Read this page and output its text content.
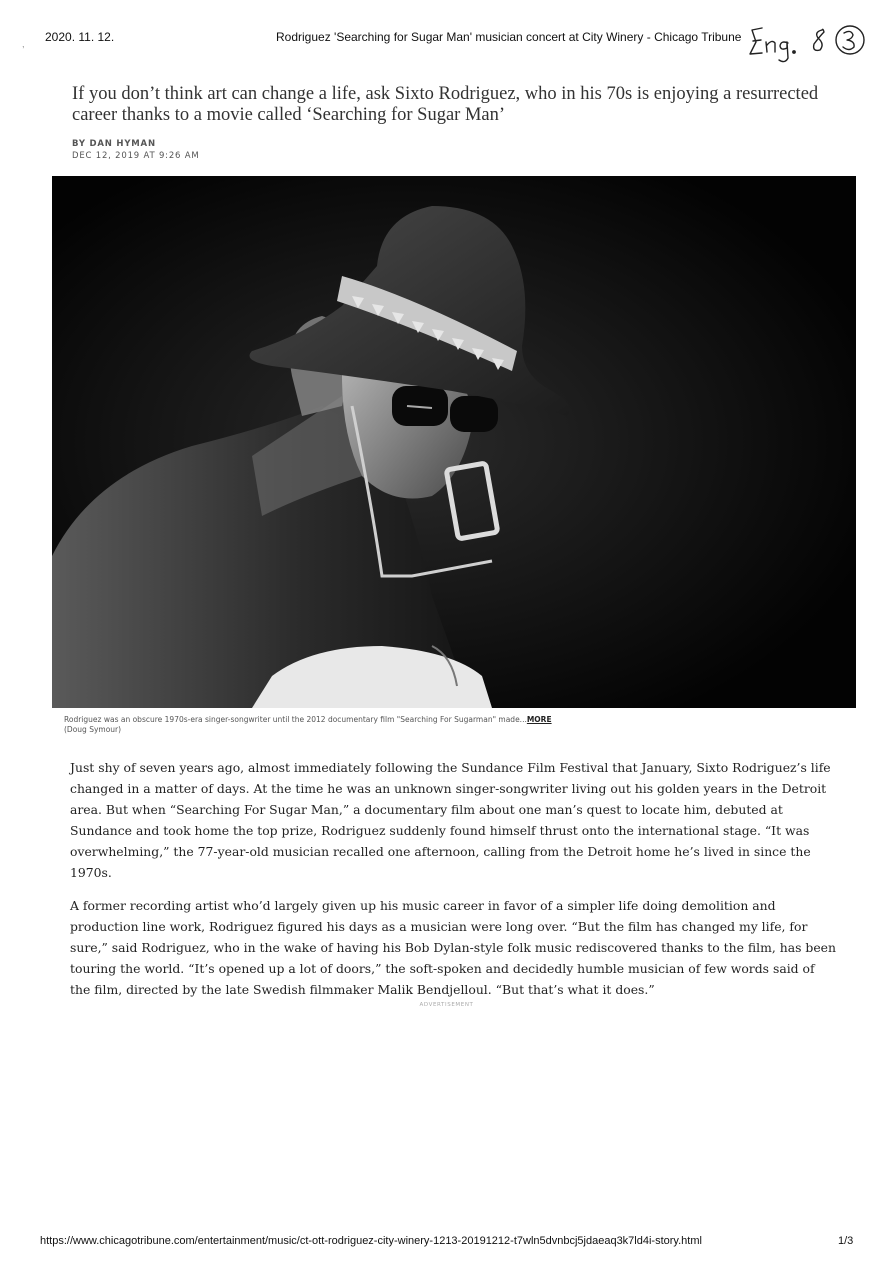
2020. 11. 12.	Rodriguez 'Searching for Sugar Man' musician concert at City Winery - Chicago Tribune
,
If you don’t think art can change a life, ask Sixto Rodriguez, who in his 70s is enjoying a resurrected career thanks to a movie called ‘Searching for Sugar Man’
BY DAN HYMAN
DEC 12, 2019 AT 9:26 AM
Rodriguez was an obscure 1970s-era singer-songwriter until the 2012 documentary film "Searching For Sugarman" made...MORE
(Doug Symour)

Just shy of seven years ago, almost immediately following the Sundance Film Festival that January, Sixto Rodriguez’s life changed in a matter of days. At the time he was an unknown singer-songwriter living out his golden years in the Detroit area. But when “Searching For Sugar Man,” a documentary film about one man’s quest to locate him, debuted at Sundance and took home the top prize, Rodriguez suddenly found himself thrust onto the international stage. “It was overwhelming,” the 77-year-old musician recalled one afternoon, calling from the Detroit home he’s lived in since the 1970s.

A former recording artist who’d largely given up his music career in favor of a simpler life doing demolition and production line work, Rodriguez figured his days as a musician were long over. “But the film has changed my life, for sure,” said Rodriguez, who in the wake of having his Bob Dylan-style folk music rediscovered thanks to the film, has been touring the world. “It’s opened up a lot of doors,” the soft-spoken and decidedly humble musician of few words said of the film, directed by the late Swedish filmmaker Malik Bendjelloul. “But that’s what it does.”

ADVERTISEMENT
https://www.chicagotribune.com/entertainment/music/ct-ott-rodriguez-city-winery-1213-20191212-t7wln5dvnbcj5jdaeaq3k7ld4i-story.html	1/3
